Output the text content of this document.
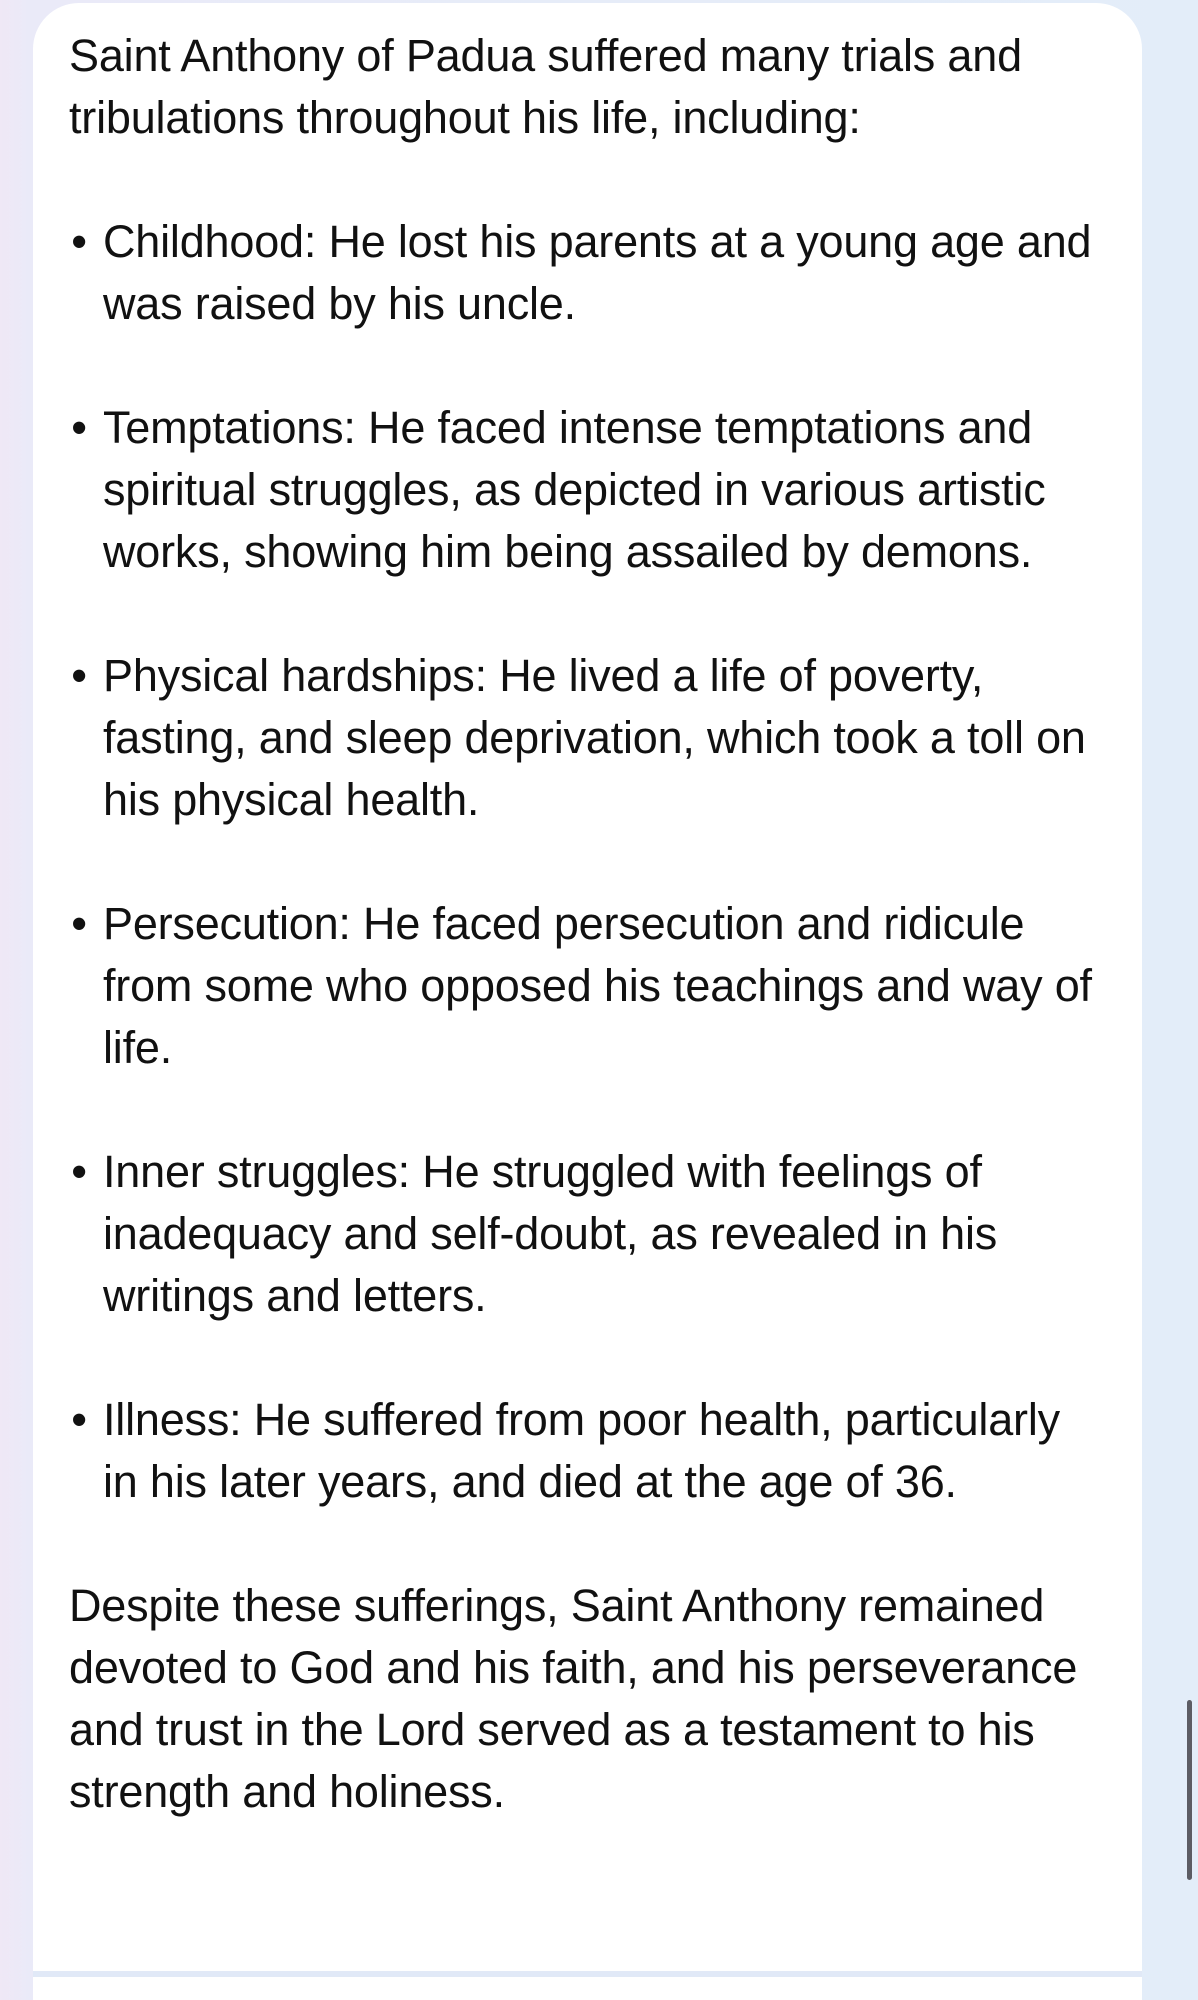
Saint Anthony of Padua suffered many trials and tribulations throughout his life, including:

• Childhood: He lost his parents at a young age and was raised by his uncle.
• Temptations: He faced intense temptations and spiritual struggles, as depicted in various artistic works, showing him being assailed by demons.
• Physical hardships: He lived a life of poverty, fasting, and sleep deprivation, which took a toll on his physical health.
• Persecution: He faced persecution and ridicule from some who opposed his teachings and way of life.
• Inner struggles: He struggled with feelings of inadequacy and self-doubt, as revealed in his writings and letters.
• Illness: He suffered from poor health, particularly in his later years, and died at the age of 36.

Despite these sufferings, Saint Anthony remained devoted to God and his faith, and his perseverance and trust in the Lord served as a testament to his strength and holiness.
